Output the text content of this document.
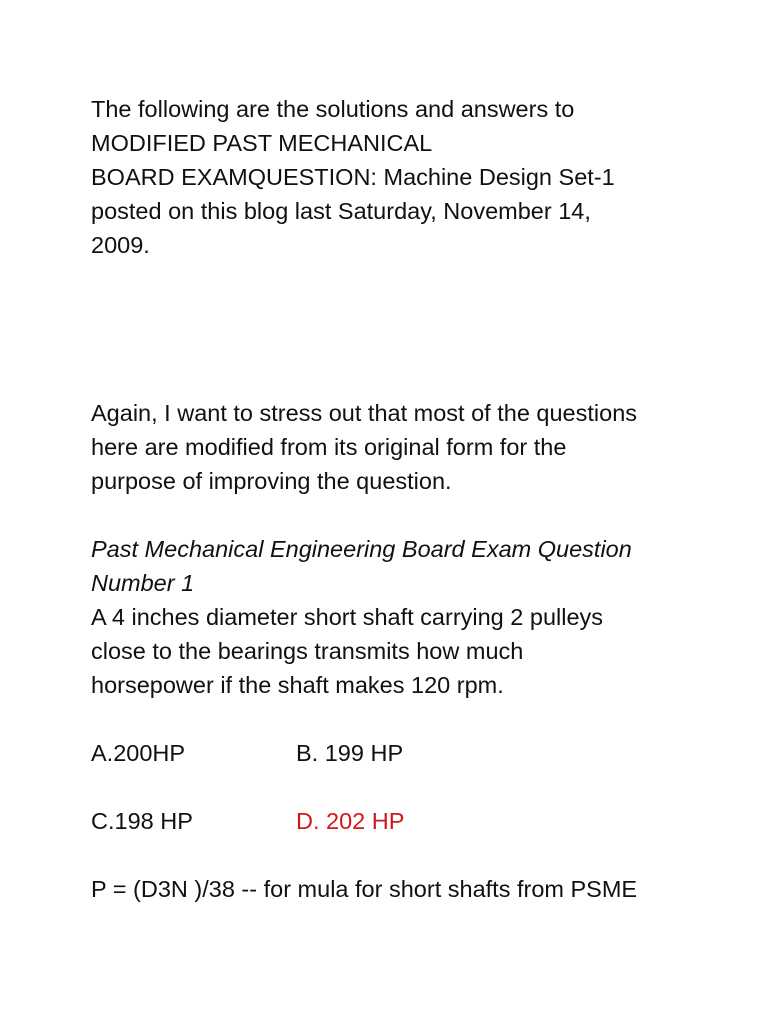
The following are the solutions and answers to
MODIFIED PAST MECHANICAL
BOARD EXAMQUESTION: Machine Design Set-1
posted on this blog last Saturday, November 14,
2009.

Again, I want to stress out that most of the questions
here are modified from its original form for the
purpose of improving the question.

Past Mechanical Engineering Board Exam Question
Number 1

A 4 inches diameter short shaft carrying 2 pulleys
close to the bearings transmits how much
horsepower if the shaft makes 120 rpm.

A.200HP	B. 199 HP
C.198 HP	D. 202 HP

P = (D3N )/38 -- for mula for short shafts from PSME
